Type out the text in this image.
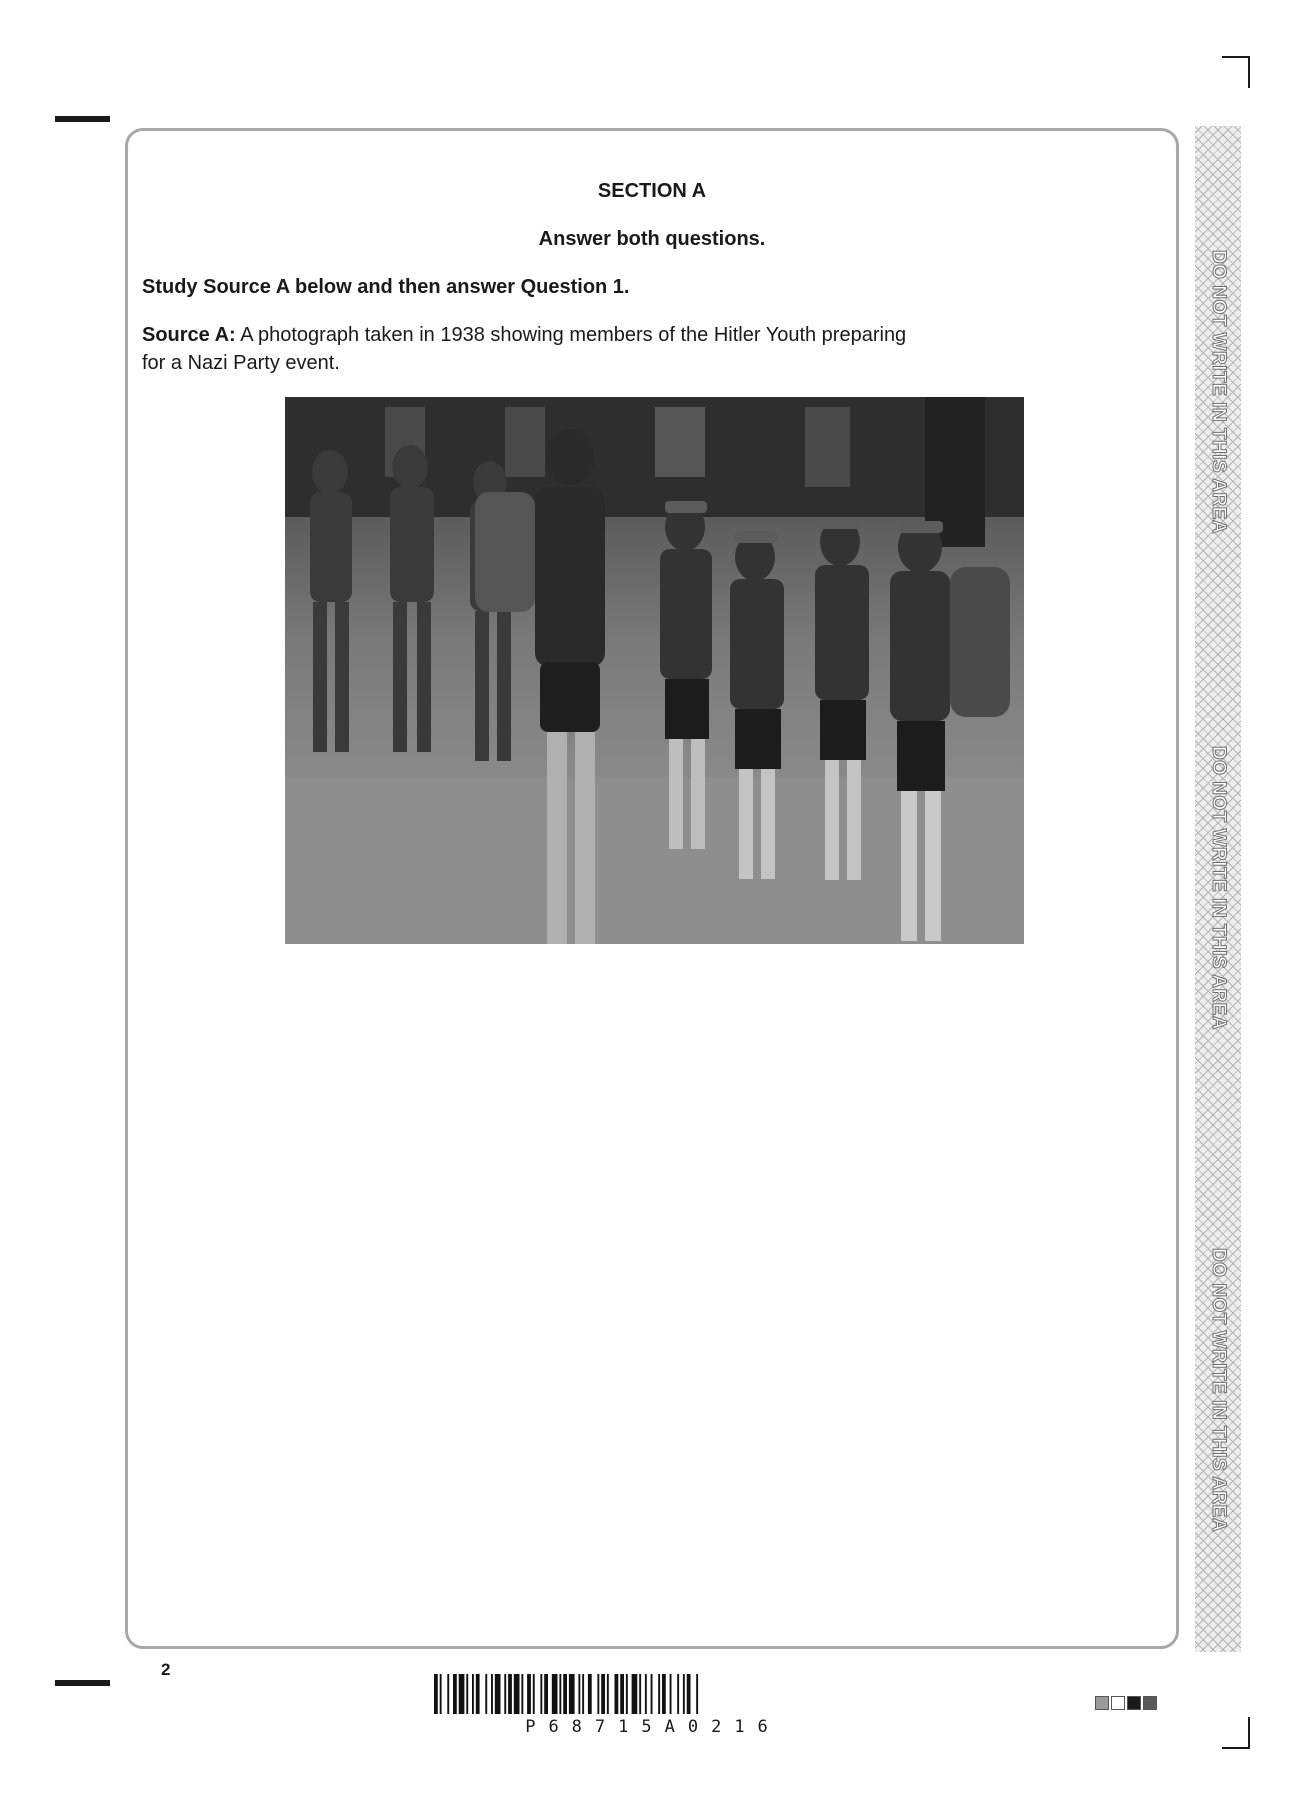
SECTION A

Answer both questions.

Study Source A below and then answer Question 1.

Source A: A photograph taken in 1938 showing members of the Hitler Youth preparing

for a Nazi Party event.	DO NOT WRITE IN THIS AREA
DO NOT WRITE IN THIS AREA
DO NOT WRITE IN THIS AREA

2

P68715A0216
